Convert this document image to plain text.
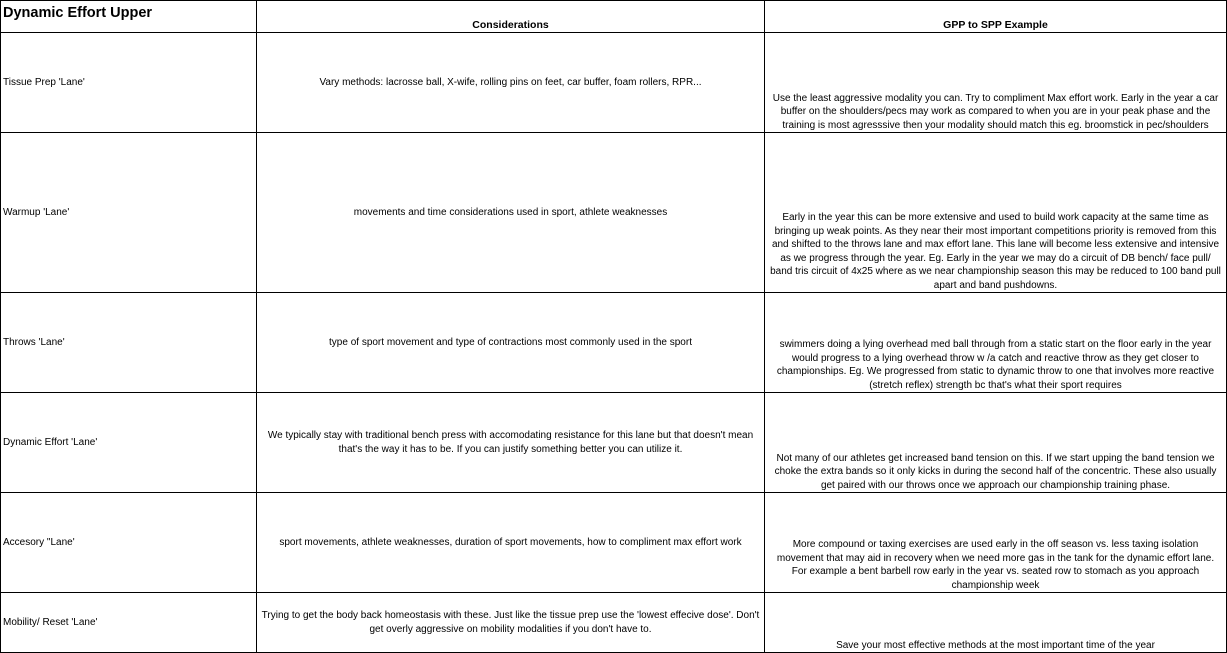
Dynamic Effort Upper	Considerations	GPP to SPP Example
Tissue Prep 'Lane'	Vary methods: lacrosse ball, X-wife, rolling pins on feet, car buffer, foam rollers, RPR...	Use the least aggressive modality you can. Try to compliment Max effort work. Early in the year a car buffer on the shoulders/pecs may work as compared to when you are in your peak phase and the training is most agresssive then your modality should match this eg. broomstick in pec/shoulders
Warmup 'Lane'	movements and time considerations used in sport, athlete weaknesses	Early in the year this can be more extensive and used to build work capacity at the same time as bringing up weak points. As they near their most important competitions priority is removed from this and shifted to the throws lane and max effort lane. This lane will become less extensive and intensive as we progress through the year. Eg. Early in the year we may do a circuit of DB bench/ face pull/ band tris circuit of 4x25 where as we near championship season this may be reduced to 100 band pull apart and band pushdowns.
Throws 'Lane'	type of sport movement and type of contractions most commonly used in the sport	swimmers doing a lying overhead med ball through from a static start on the floor early in the year would progress to a lying overhead throw w /a catch and reactive throw as they get closer to championships. Eg. We progressed from static to dynamic throw to one that involves more reactive (stretch reflex) strength bc that's what their sport requires
Dynamic Effort 'Lane'	We typically stay with traditional bench press with accomodating resistance for this lane but that doesn't mean that's the way it has to be. If you can justify something better you can utilize it.	Not many of our athletes get increased band tension on this. If we start upping the band tension we choke the extra bands so it only kicks in during the second half of the concentric. These also usually get paired with our throws once we approach our championship training phase.
Accesory "Lane'	sport movements, athlete weaknesses, duration of sport movements, how to compliment max effort work	More compound or taxing exercises are used early in the off season vs. less taxing isolation movement that may aid in recovery when we need more gas in the tank for the dynamic effort lane. For example a bent barbell row early in the year vs. seated row to stomach as you approach championship week
Mobility/ Reset 'Lane'	Trying to get the body back homeostasis with these. Just like the tissue prep use the 'lowest effecive dose'. Don't get overly aggressive on mobility modalities if you don't have to.	Save your most effective methods at the most important time of the year
